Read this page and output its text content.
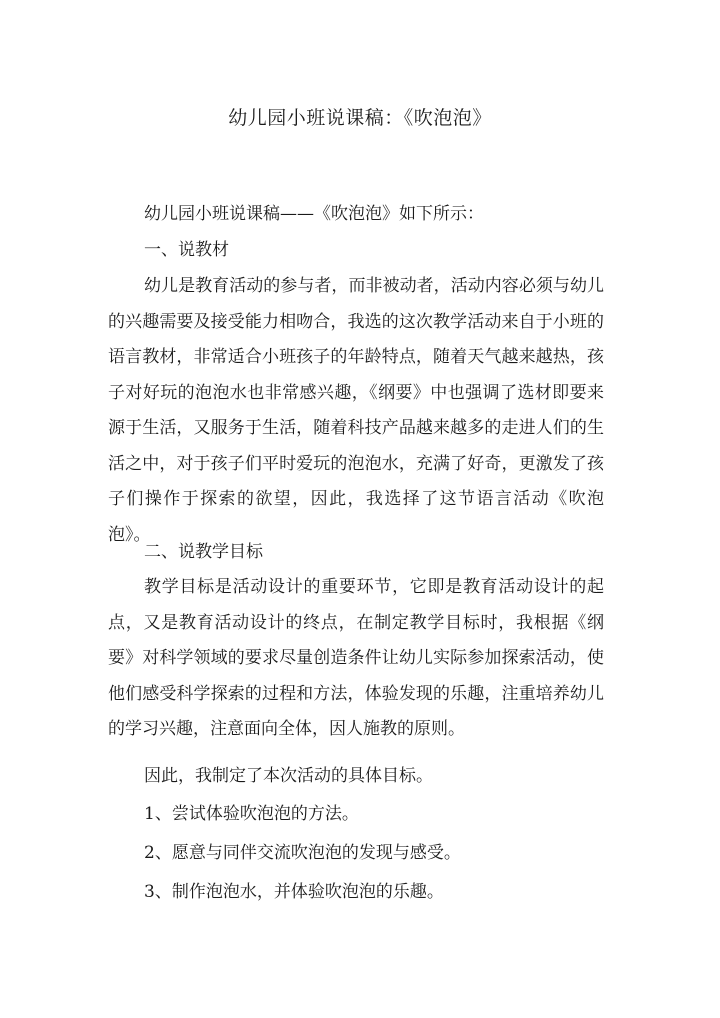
幼儿园小班说课稿：《吹泡泡》
幼儿园小班说课稿——《吹泡泡》如下所示：
一、说教材
幼儿是教育活动的参与者，而非被动者，活动内容必须与幼儿的兴趣需要及接受能力相吻合，我选的这次教学活动来自于小班的语言教材，非常适合小班孩子的年龄特点，随着天气越来越热，孩子对好玩的泡泡水也非常感兴趣，《纲要》中也强调了选材即要来源于生活，又服务于生活，随着科技产品越来越多的走进人们的生活之中，对于孩子们平时爱玩的泡泡水，充满了好奇，更激发了孩子们操作于探索的欲望，因此，我选择了这节语言活动《吹泡泡》。
二、说教学目标
教学目标是活动设计的重要环节，它即是教育活动设计的起点，又是教育活动设计的终点，在制定教学目标时，我根据《纲要》对科学领域的要求尽量创造条件让幼儿实际参加探索活动，使他们感受科学探索的过程和方法，体验发现的乐趣，注重培养幼儿的学习兴趣，注意面向全体，因人施教的原则。
因此，我制定了本次活动的具体目标。
1、尝试体验吹泡泡的方法。
2、愿意与同伴交流吹泡泡的发现与感受。
3、制作泡泡水，并体验吹泡泡的乐趣。
